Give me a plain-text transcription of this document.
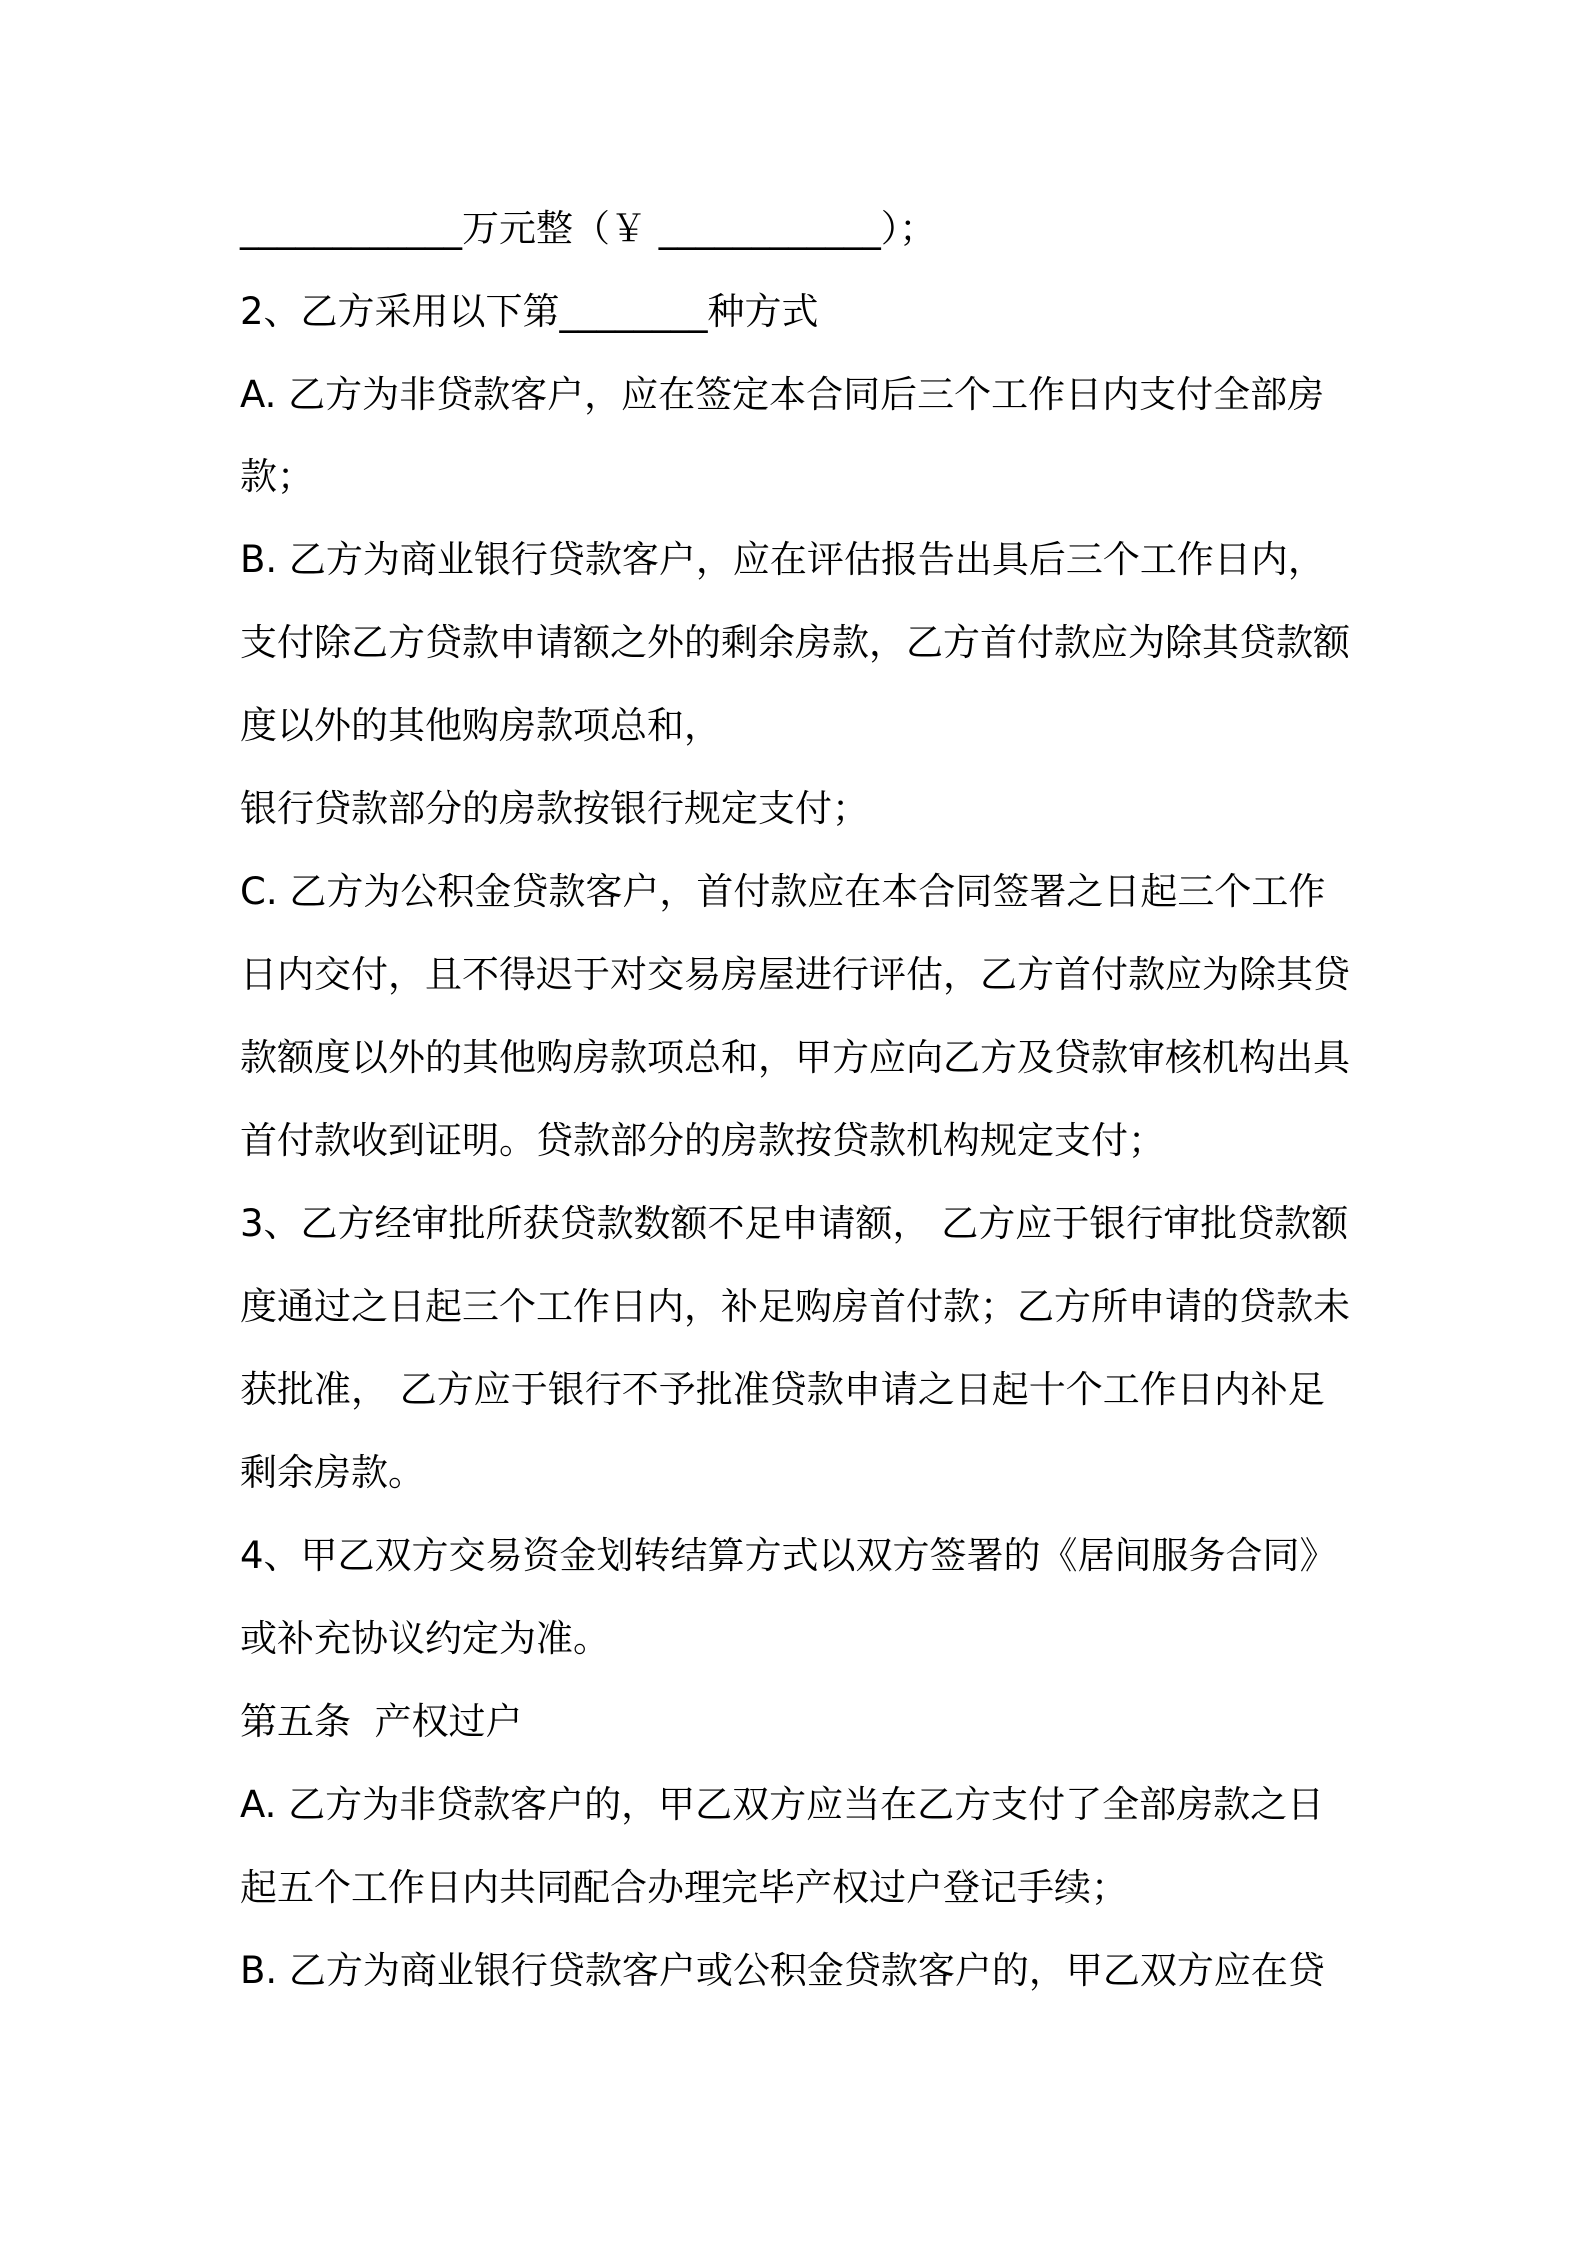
____________万元整（￥ ____________）；
2、乙方采用以下第________种方式
A. 乙方为非贷款客户，应在签定本合同后三个工作日内支付全部房
款；
B. 乙方为商业银行贷款客户，应在评估报告出具后三个工作日内，
支付除乙方贷款申请额之外的剩余房款，乙方首付款应为除其贷款额
度以外的其他购房款项总和，
银行贷款部分的房款按银行规定支付；
C. 乙方为公积金贷款客户，首付款应在本合同签署之日起三个工作
日内交付，且不得迟于对交易房屋进行评估，乙方首付款应为除其贷
款额度以外的其他购房款项总和，甲方应向乙方及贷款审核机构出具
首付款收到证明。贷款部分的房款按贷款机构规定支付；
3、乙方经审批所获贷款数额不足申请额， 乙方应于银行审批贷款额
度通过之日起三个工作日内，补足购房首付款；乙方所申请的贷款未
获批准， 乙方应于银行不予批准贷款申请之日起十个工作日内补足
剩余房款。
4、甲乙双方交易资金划转结算方式以双方签署的《居间服务合同》
或补充协议约定为准。
第五条  产权过户
A. 乙方为非贷款客户的，甲乙双方应当在乙方支付了全部房款之日
起五个工作日内共同配合办理完毕产权过户登记手续；
B. 乙方为商业银行贷款客户或公积金贷款客户的，甲乙双方应在贷
